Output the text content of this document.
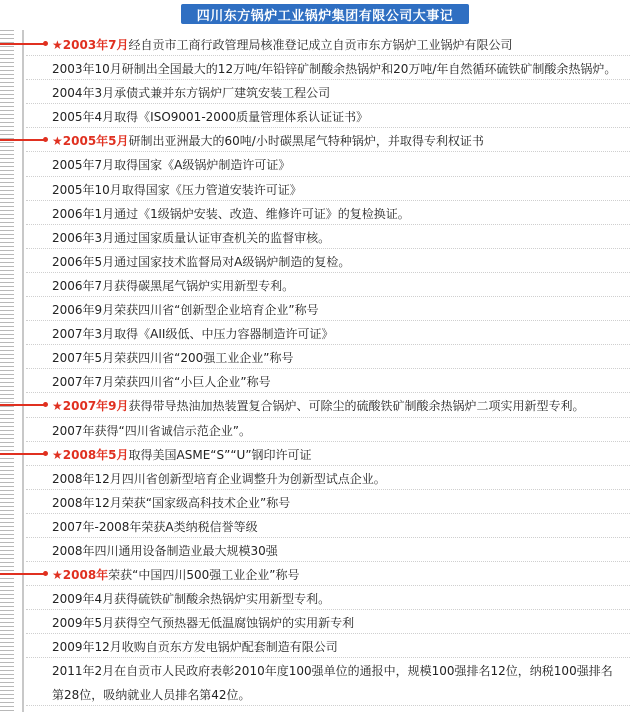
四川东方锅炉工业锅炉集团有限公司大事记
★2003年7月经自贡市工商行政管理局核准登记成立自贡市东方锅炉工业锅炉有限公司
2003年10月研制出全国最大的12万吨/年铅锌矿制酸余热锅炉和20万吨/年自然循环硫铁矿制酸余热锅炉。
2004年3月承债式兼并东方锅炉厂建筑安装工程公司
2005年4月取得《ISO9001-2000质量管理体系认证证书》
★2005年5月研制出亚洲最大的60吨/小时碳黑尾气特种锅炉，并取得专利权证书
2005年7月取得国家《A级锅炉制造许可证》
2005年10月取得国家《压力管道安装许可证》
2006年1月通过《1级锅炉安装、改造、维修许可证》的复检换证。
2006年3月通过国家质量认证审查机关的监督审核。
2006年5月通过国家技术监督局对A级锅炉制造的复检。
2006年7月获得碳黑尾气锅炉实用新型专利。
2006年9月荣获四川省“创新型企业培育企业”称号
2007年3月取得《AII级低、中压力容器制造许可证》
2007年5月荣获四川省“200强工业企业”称号
2007年7月荣获四川省“小巨人企业”称号
★2007年9月获得带导热油加热装置复合锅炉、可除尘的硫酸铁矿制酸余热锅炉二项实用新型专利。
2007年获得“四川省诚信示范企业”。
★2008年5月取得美国ASME“S”“U”钢印许可证
2008年12月四川省创新型培育企业调整升为创新型试点企业。
2008年12月荣获“国家级高科技术企业”称号
2007年-2008年荣获A类纳税信誉等级
2008年四川通用设备制造业最大规模30强
★2008年荣获“中国四川500强工业企业”称号
2009年4月获得硫铁矿制酸余热锅炉实用新型专利。
2009年5月获得空气预热器无低温腐蚀锅炉的实用新专利
2009年12月收购自贡东方发电锅炉配套制造有限公司
2011年2月在自贡市人民政府表彰2010年度100强单位的通报中，规模100强排名12位，纳税100强排名第28位，吸纳就业人员排名第42位。
